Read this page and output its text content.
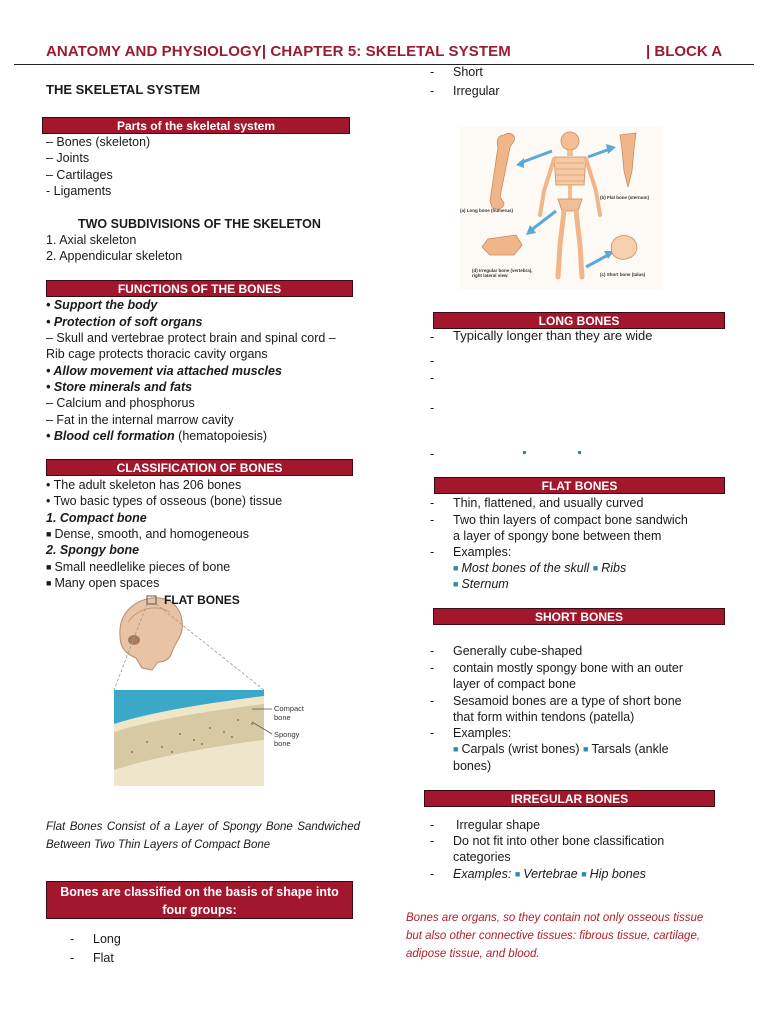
ANATOMY AND PHYSIOLOGY| CHAPTER 5: SKELETAL SYSTEM	| BLOCK A
THE SKELETAL SYSTEM
Parts of the skeletal system
– Bones (skeleton)
– Joints
– Cartilages
- Ligaments
TWO SUBDIVISIONS OF THE SKELETON
1. Axial skeleton
2. Appendicular skeleton
FUNCTIONS OF THE BONES
• Support the body
• Protection of soft organs
– Skull and vertebrae protect brain and spinal cord –
Rib cage protects thoracic cavity organs
• Allow movement via attached muscles
• Store minerals and fats
– Calcium and phosphorus
– Fat in the internal marrow cavity
• Blood cell formation (hematopoiesis)
CLASSIFICATION OF BONES
• The adult skeleton has 206 bones
• Two basic types of osseous (bone) tissue
1. Compact bone
■ Dense, smooth, and homogeneous
2. Spongy bone
■ Small needlelike pieces of bone
■ Many open spaces
FLAT BONES
Compact bone
Spongy bone
Flat Bones Consist of a Layer of Spongy Bone Sandwiched Between Two Thin Layers of Compact Bone
Bones are classified on the basis of shape into four groups:
- Long
- Flat
- Short
- Irregular
(a) Long bone (humerus)
(b) Flat bone (sternum)
(d) Irregular bone (vertebra), right lateral view	(c) Short bone (talus)
LONG BONES
- Typically longer than they are wide
-
-
-
-
FLAT BONES
- Thin, flattened, and usually curved
- Two thin layers of compact bone sandwich
a layer of spongy bone between them
- Examples:
■ Most bones of the skull ■ Ribs
■ Sternum
SHORT BONES
- Generally cube-shaped
- contain mostly spongy bone with an outer
layer of compact bone
- Sesamoid bones are a type of short bone
that form within tendons (patella)
- Examples:
■ Carpals (wrist bones) ■ Tarsals (ankle
bones)
IRREGULAR BONES
- Irregular shape
- Do not fit into other bone classification
categories
- Examples: ■ Vertebrae ■ Hip bones
Bones are organs, so they contain not only osseous tissue but also other connective tissues: fibrous tissue, cartilage, adipose tissue, and blood.
